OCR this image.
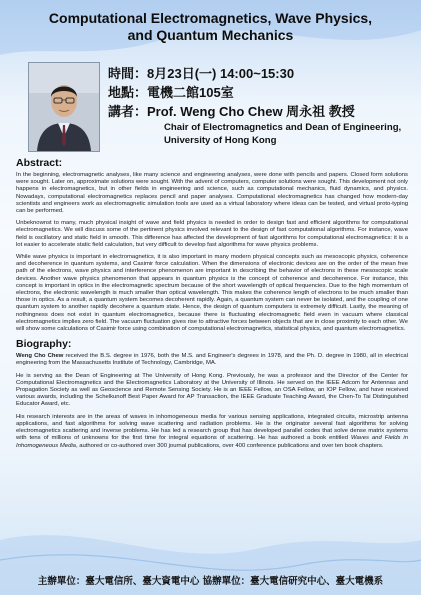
Computational Electromagnetics, Wave Physics,
and Quantum Mechanics
時間：8月23日(一) 14:00~15:30
地點：電機二館105室
講者：Prof. Weng Cho Chew 周永祖 教授
Chair of Electromagnetics and Dean of Engineering,
University of Hong Kong
Abstract:

In the beginning, electromagnetic analyses, like many science and engineering analyses, were done with pencils and papers. Closed form solutions were sought. Later on, approximate solutions were sought. With the advent of computers, computer solutions were sought. This development not only happens in electromagnetics, but in other fields in engineering and science, such as computational mechanics, fluid dynamics, and physics. Nowadays, computational electromagnetics replaces pencil and paper analyses. Computational electromagnetics has changed how modern-day scientists and engineers work as electromagnetic simulation tools are used as a virtual laboratory where ideas can be tested, and virtual proto-typing can be performed.

Unbeknownst to many, much physical insight of wave and field physics is needed in order to design fast and efficient algorithms for computational electromagnetics. We will discuss some of the pertinent physics involved relevant to the design of fast computational algorithms. For instance, wave field is oscillatory and static field in smooth. This difference has affected the development of fast algorithms for computational electromagnetics: it is a lot easier to accelerate static field calculation, but very difficult to develop fast algorithms for wave physics problems.

While wave physics is important in electromagnetics, it is also important in many modern physical concepts such as mesoscopic physics, coherence and decoherence in quantum systems, and Casimir force calculation. When the dimensions of electronic devices are on the order of the mean free path of the electrons, wave physics and interference phenomenon are important in describing the behavior of electrons in these mesoscopic scale devices. Another wave physics phenomenon that appears in quantum physics is the concept of coherence and decoherence. For instance, this concept is important in optics in the electromagnetic spectrum because of the short wavelength of optical frequencies. Due to the high momentum of electrons, the electronic wavelength is much smaller than optical wavelength. This makes the coherence length of electrons to be much smaller than those in optics. As a result, a quantum system becomes decoherent rapidly. Again, a quantum system can never be isolated, and the coupling of one quantum system to another rapidly decohere a quantum state. Hence, the design of quantum computers is extremely difficult. Lastly, the meaning of nothingness does not exist in quantum electromagnetics, because there is fluctuating electromagnetic field even in vacuum where classical electromagnetics implies zero field. The vacuum fluctuation gives rise to attractive forces between objects that are in close proximity to each other. We will show some calculations of Casimir force using combination of computational electromagnetics, statistical physics, and quantum electromagnetics.

Biography:

Weng Cho Chew received the B.S. degree in 1976, both the M.S. and Engineer's degrees in 1978, and the Ph. D. degree in 1980, all in electrical engineering from the Massachusetts Institute of Technology, Cambridge, MA.

He is serving as the Dean of Engineering at The University of Hong Kong. Previously, he was a professor and the Director of the Center for Computational Electromagnetics and the Electromagnetics Laboratory at the University of Illinois. He served on the IEEE Adcom for Antennas and Propagation Society as well as Geoscience and Remote Sensing Society. He is an IEEE Fellow, an OSA Fellow, an IOP Fellow, and have received various awards, including the Schelkunoff Best Paper Award for AP Transaction, the IEEE Graduate Teaching Award, the Chen-To Tai Distinguished Educator Award, etc.

His research interests are in the areas of waves in inhomogeneous media for various sensing applications, integrated circuits, microstrip antenna applications, and fast algorithms for solving wave scattering and radiation problems. He is the originator several fast algorithms for solving electromagnetics scattering and inverse problems. He has led a research group that has developed parallel codes that solve dense matrix systems with tens of millions of unknowns for the first time for integral equations of scattering. He has authored a book entitled Waves and Fields in Inhomogeneous Media, authored or co-authored over 300 journal publications, over 400 conference publications and over ten book chapters.

主辦單位：臺大電信所、臺大資電中心 協辦單位：臺大電信研究中心、臺大電機系
